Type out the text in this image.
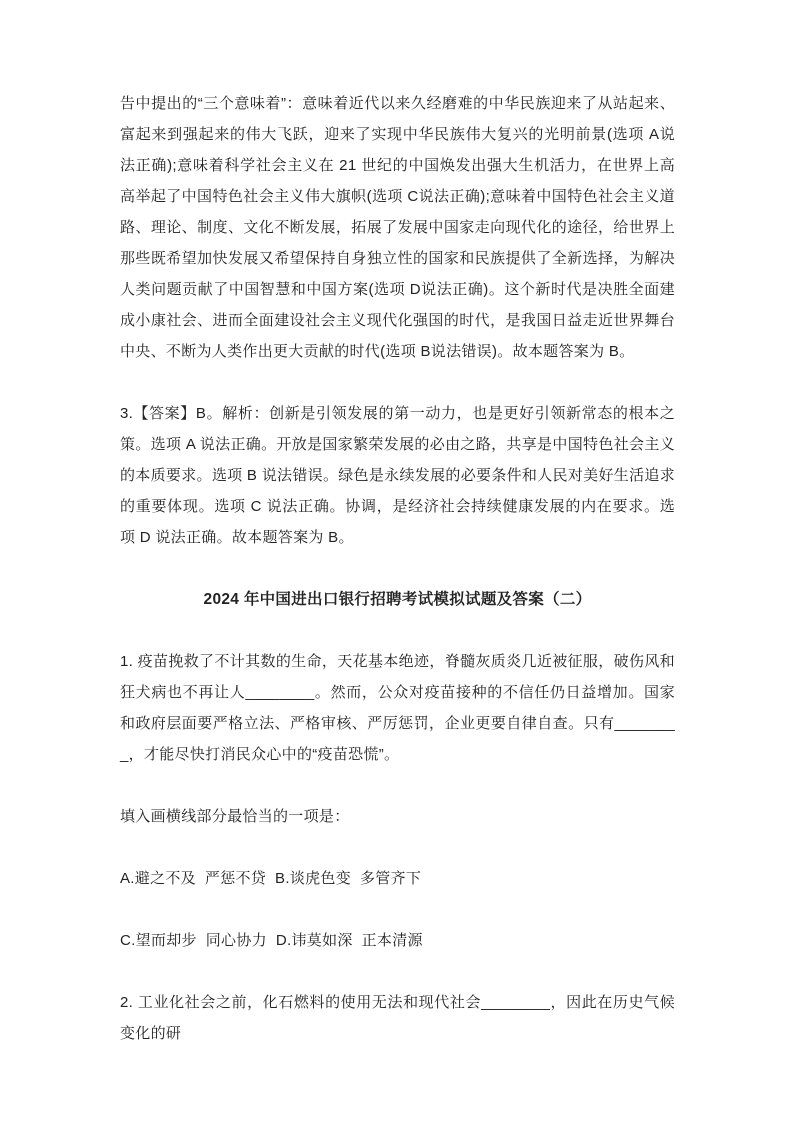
告中提出的“三个意味着”：意味着近代以来久经磨难的中华民族迎来了从站起来、富起来到强起来的伟大飞跃，迎来了实现中华民族伟大复兴的光明前景(选项 A说法正确);意味着科学社会主义在 21 世纪的中国焕发出强大生机活力，在世界上高高举起了中国特色社会主义伟大旗帜(选项 C说法正确);意味着中国特色社会主义道路、理论、制度、文化不断发展，拓展了发展中国家走向现代化的途径，给世界上那些既希望加快发展又希望保持自身独立性的国家和民族提供了全新选择，为解决人类问题贡献了中国智慧和中国方案(选项 D说法正确)。这个新时代是决胜全面建成小康社会、进而全面建设社会主义现代化强国的时代，是我国日益走近世界舞台中央、不断为人类作出更大贡献的时代(选项 B说法错误)。故本题答案为 B。

3.【答案】B。解析：创新是引领发展的第一动力，也是更好引领新常态的根本之策。选项 A 说法正确。开放是国家繁荣发展的必由之路，共享是中国特色社会主义的本质要求。选项 B 说法错误。绿色是永续发展的必要条件和人民对美好生活追求的重要体现。选项 C 说法正确。协调，是经济社会持续健康发展的内在要求。选项 D 说法正确。故本题答案为 B。

2024 年中国进出口银行招聘考试模拟试题及答案（二）

1. 疫苗挽救了不计其数的生命，天花基本绝迹，脊髓灰质炎几近被征服，破伤风和狂犬病也不再让人________。然而，公众对疫苗接种的不信任仍日益增加。国家和政府层面要严格立法、严格审核、严厉惩罚，企业更要自律自查。只有________，才能尽快打消民众心中的“疫苗恐慌”。

填入画横线部分最恰当的一项是：

A.避之不及  严惩不贷  B.谈虎色变  多管齐下

C.望而却步  同心协力  D.讳莫如深  正本清源

2. 工业化社会之前，化石燃料的使用无法和现代社会________，因此在历史气候变化的研
